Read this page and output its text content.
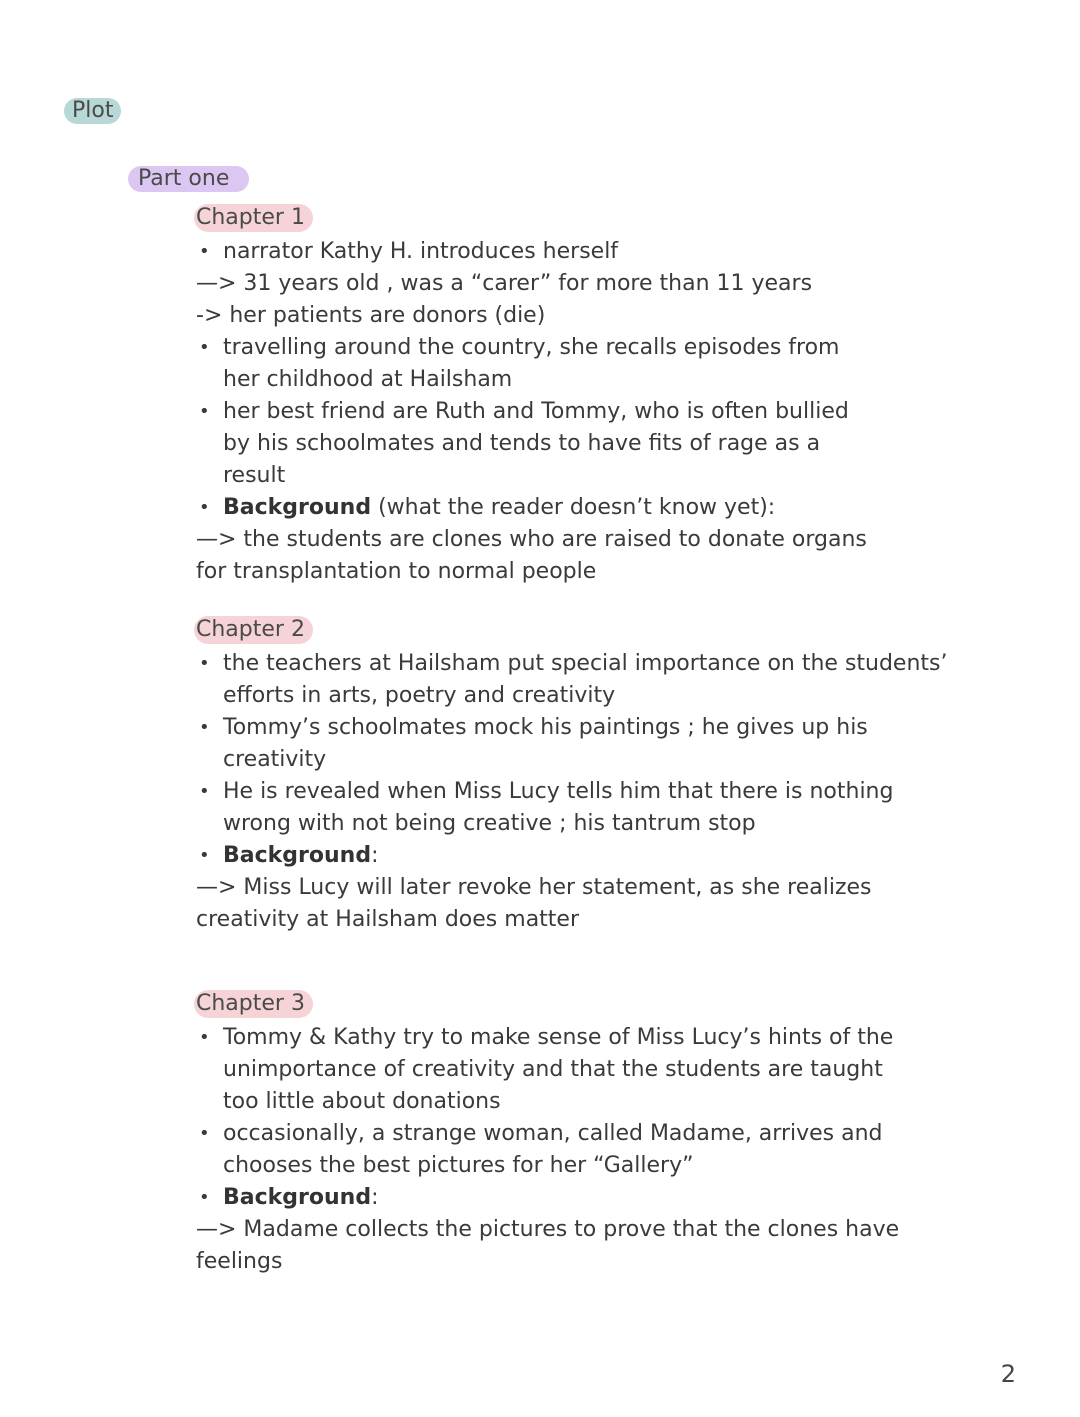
Plot
Part one
Chapter 1
• narrator Kathy H. introduces herself
—> 31 years old , was a “carer” for more than 11 years
-> her patients are donors (die)
• travelling around the country, she recalls episodes from
her childhood at Hailsham
• her best friend are Ruth and Tommy, who is often bullied
by his schoolmates and tends to have fits of rage as a
result
• Background (what the reader doesn’t know yet):
—> the students are clones who are raised to donate organs
for transplantation to normal people
Chapter 2
• the teachers at Hailsham put special importance on the students’
efforts in arts, poetry and creativity
• Tommy’s schoolmates mock his paintings ; he gives up his
creativity
• He is revealed when Miss Lucy tells him that there is nothing
wrong with not being creative ; his tantrum stop
• Background:
—> Miss Lucy will later revoke her statement, as she realizes
creativity at Hailsham does matter
Chapter 3
• Tommy & Kathy try to make sense of Miss Lucy’s hints of the
unimportance of creativity and that the students are taught
too little about donations
• occasionally, a strange woman, called Madame, arrives and
chooses the best pictures for her “Gallery”
• Background:
—> Madame collects the pictures to prove that the clones have
feelings
2
